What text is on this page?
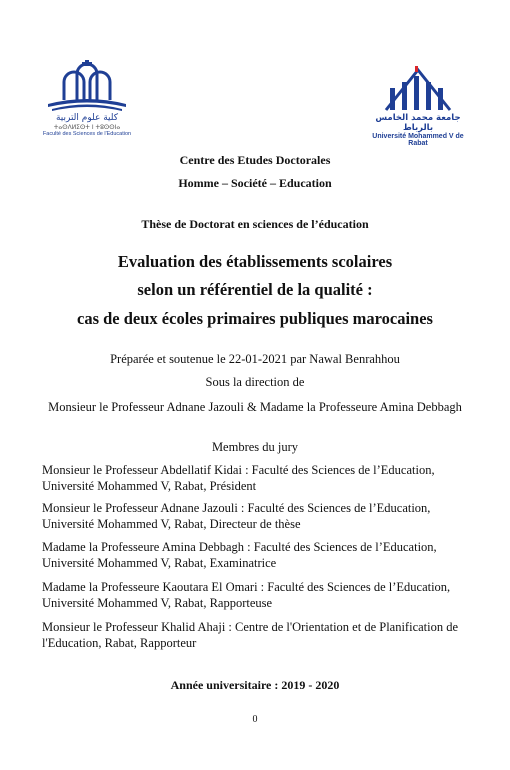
كلية علوم التربية
ⵜⴰⵙⴷⵍⵉⵙⵜ ⵏ ⵜⵓⵙⵙⵏⴰ
Faculté des Sciences de l'Education
جامعة محمد الخامس بالرباط
Université Mohammed V de Rabat
Centre des Etudes Doctorales
Homme – Société – Education
Thèse de Doctorat en sciences de l’éducation
Evaluation des établissements scolaires
selon un référentiel de la qualité :
cas de deux écoles primaires publiques marocaines
Préparée et soutenue le 22-01-2021 par Nawal Benrahhou
Sous la direction de
Monsieur le Professeur Adnane Jazouli & Madame la Professeure Amina Debbagh
Membres du jury
Monsieur le Professeur Abdellatif Kidai : Faculté des Sciences de l’Education, Université Mohammed V, Rabat, Président
Monsieur le Professeur Adnane Jazouli : Faculté des Sciences de l’Education, Université Mohammed V, Rabat, Directeur de thèse
Madame la Professeure Amina Debbagh : Faculté des Sciences de l’Education, Université Mohammed V, Rabat, Examinatrice
Madame la Professeure Kaoutara El Omari : Faculté des Sciences de l’Education, Université Mohammed V, Rabat, Rapporteuse
Monsieur le Professeur Khalid Ahaji : Centre de l'Orientation et de Planification de l'Education, Rabat, Rapporteur
Année universitaire : 2019 - 2020
0
